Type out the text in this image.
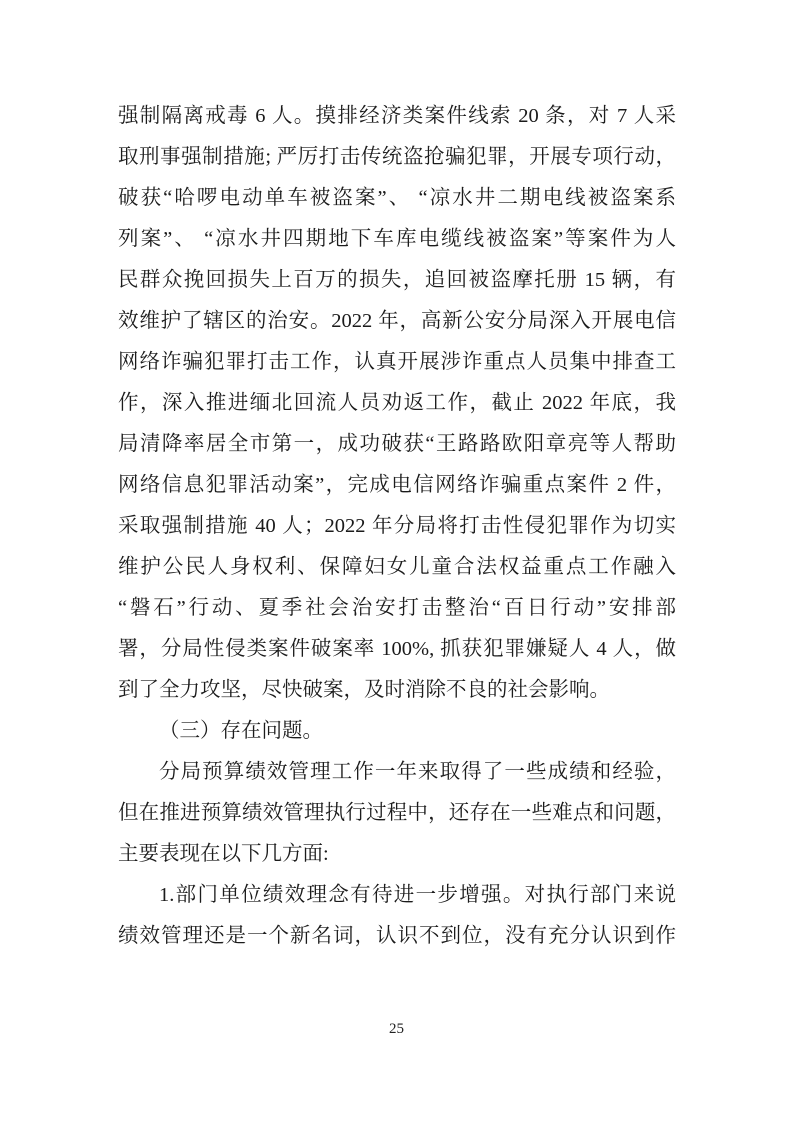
强制隔离戒毒 6 人。摸排经济类案件线索 20 条，对 7 人采
取刑事强制措施; 严厉打击传统盗抢骗犯罪，开展专项行动，
破获“哈啰电动单车被盗案”、 “凉水井二期电线被盗案系
列案”、 “凉水井四期地下车库电缆线被盗案”等案件为人
民群众挽回损失上百万的损失，追回被盗摩托册 15 辆，有
效维护了辖区的治安。2022 年，高新公安分局深入开展电信
网络诈骗犯罪打击工作，认真开展涉诈重点人员集中排查工
作，深入推进缅北回流人员劝返工作，截止 2022 年底，我
局清降率居全市第一，成功破获“王路路欧阳章亮等人帮助
网络信息犯罪活动案”，完成电信网络诈骗重点案件 2 件，
采取强制措施 40 人；2022 年分局将打击性侵犯罪作为切实
维护公民人身权利、保障妇女儿童合法权益重点工作融入
“磐石”行动、夏季社会治安打击整治“百日行动”安排部
署，分局性侵类案件破案率 100%, 抓获犯罪嫌疑人 4 人，做
到了全力攻坚，尽快破案，及时消除不良的社会影响。
（三）存在问题。
分局预算绩效管理工作一年来取得了一些成绩和经验，
但在推进预算绩效管理执行过程中，还存在一些难点和问题，
主要表现在以下几方面:
1.部门单位绩效理念有待进一步增强。对执行部门来说
绩效管理还是一个新名词，认识不到位，没有充分认识到作
25
